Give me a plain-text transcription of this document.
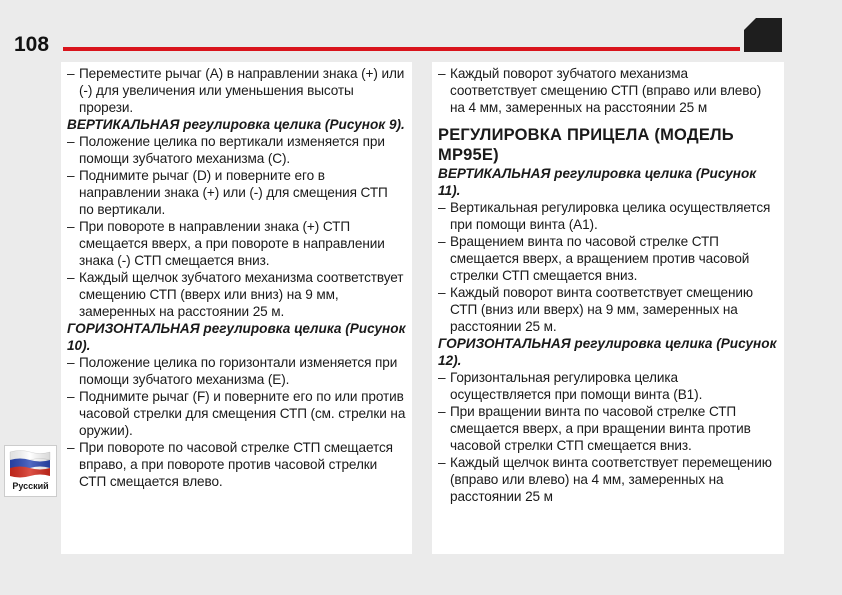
108
– Переместите рычаг (A) в направлении знака (+) или (-) для увеличения или уменьшения высоты прорези.
ВЕРТИКАЛЬНАЯ регулировка целика (Рисунок 9).
– Положение целика по вертикали изменяется при помощи зубчатого механизма (C).
– Поднимите рычаг (D) и поверните его в направлении знака (+) или (-) для смещения СТП по вертикали.
– При повороте в направлении знака (+) СТП смещается вверх, а при повороте в направлении знака (-) СТП смещается вниз.
– Каждый щелчок зубчатого механизма соответствует смещению СТП (вверх или вниз) на 9 мм, замеренных на расстоянии 25 м.
ГОРИЗОНТАЛЬНАЯ регулировка целика (Рисунок 10).
– Положение целика по горизонтали изменяется при помощи зубчатого механизма (E).
– Поднимите рычаг (F) и поверните его по или против часовой стрелки для смещения СТП (см. стрелки на оружии).
– При повороте по часовой стрелке СТП смещается вправо, а при повороте против часовой стрелки СТП смещается влево.
– Каждый поворот зубчатого механизма соответствует смещению СТП (вправо или влево) на 4 мм, замеренных на расстоянии 25 м
РЕГУЛИРОВКА ПРИЦЕЛА (МОДЕЛЬ MP95E)
ВЕРТИКАЛЬНАЯ регулировка целика (Рисунок 11).
– Вертикальная регулировка целика осуществляется при помощи винта (A1).
– Вращением винта по часовой стрелке СТП смещается вверх, а вращением против часовой стрелки СТП смещается вниз.
– Каждый поворот винта соответствует смещению СТП (вниз или вверх) на 9 мм, замеренных на расстоянии 25 м.
ГОРИЗОНТАЛЬНАЯ регулировка целика (Рисунок 12).
– Горизонтальная регулировка целика осуществляется при помощи винта (B1).
– При вращении винта по часовой стрелке СТП смещается вверх, а при вращении винта против часовой стрелки СТП смещается вниз.
– Каждый щелчок винта соответствует перемещению (вправо или влево) на 4 мм, замеренных на расстоянии 25 м
Русский
